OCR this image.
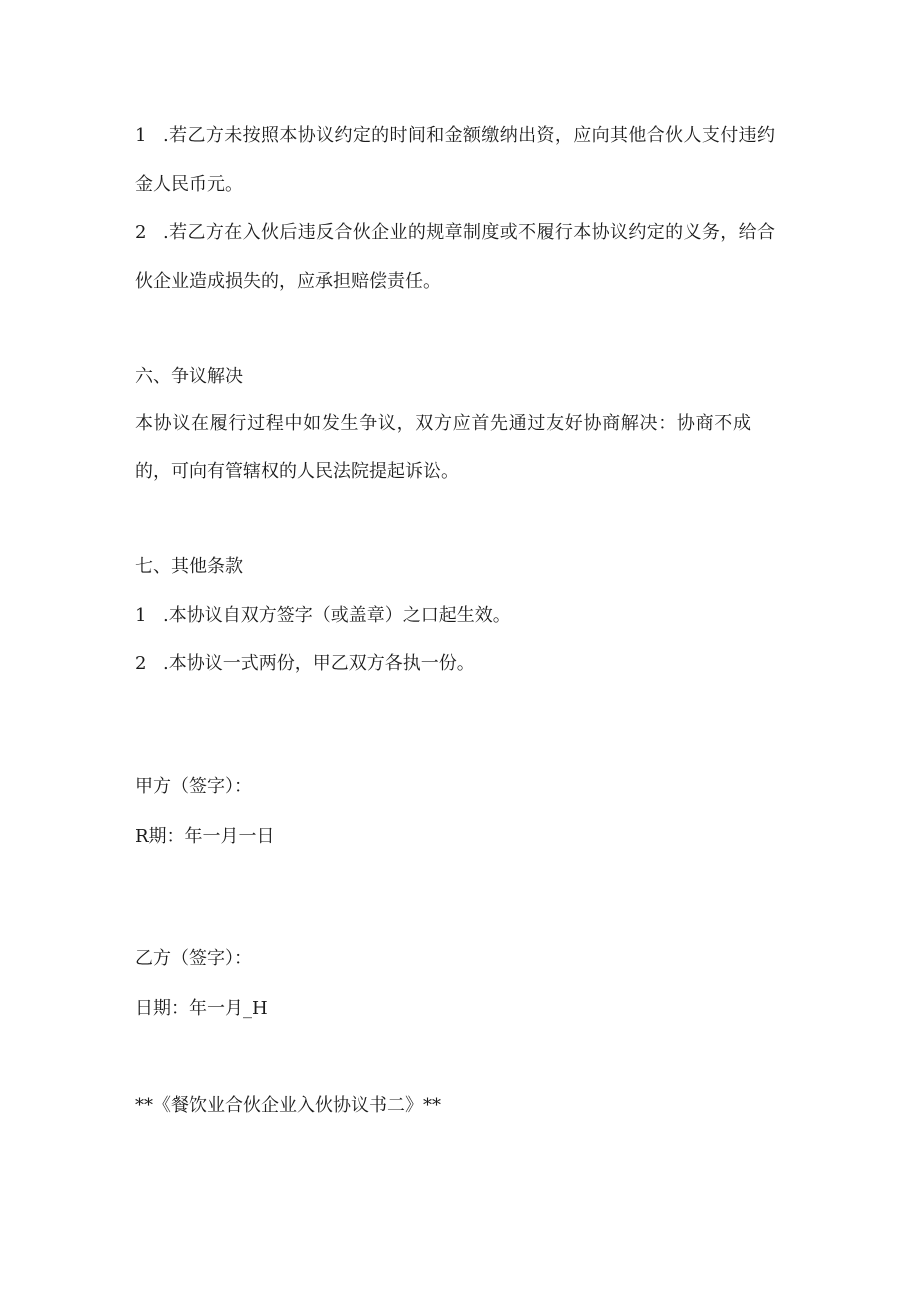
1 .若乙方未按照本协议约定的时间和金额缴纳出资，应向其他合伙人支付违约
金人民币元。
2 .若乙方在入伙后违反合伙企业的规章制度或不履行本协议约定的义务，给合
伙企业造成损失的，应承担赔偿责任。
六、争议解决
本协议在履行过程中如发生争议，双方应首先通过友好协商解决：协商不成
的，可向有管辖权的人民法院提起诉讼。
七、其他条款
1 .本协议自双方签字（或盖章）之口起生效。
2 .本协议一式两份，甲乙双方各执一份。
甲方（签字）：
R期：年一月一日
乙方（签字）：
日期：年一月_H
**《餐饮业合伙企业入伙协议书二》**
